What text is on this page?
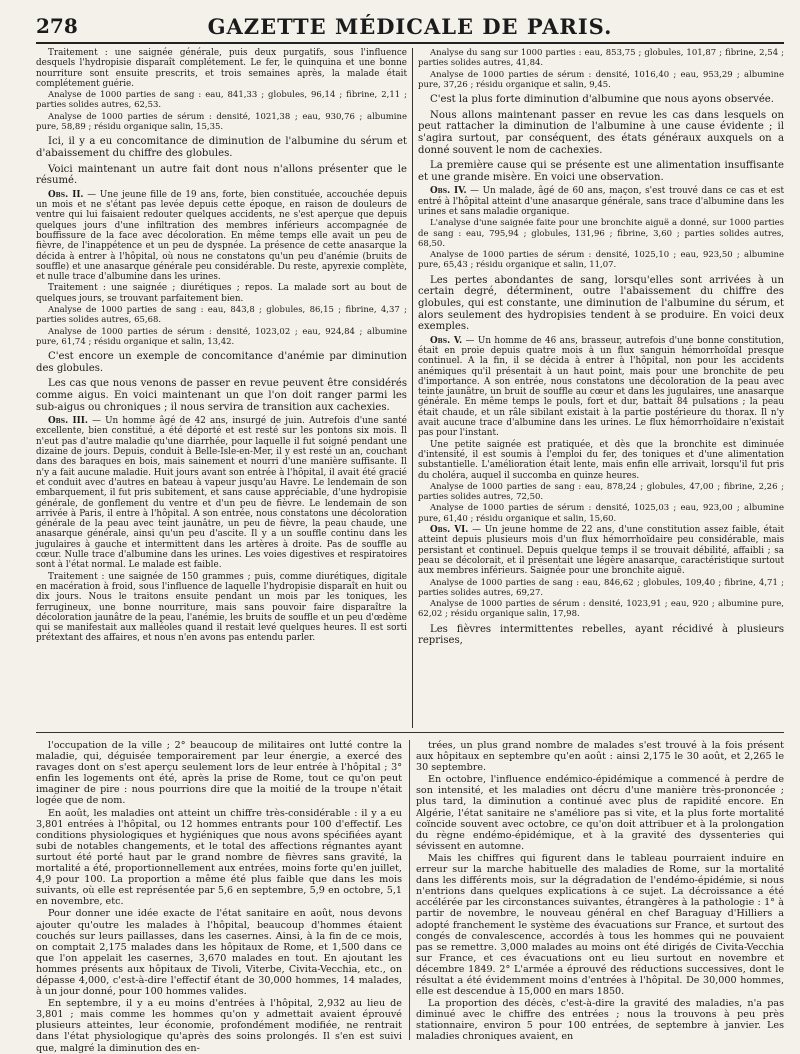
278	GAZETTE MÉDICALE DE PARIS.

Traitement : une saignée générale, puis deux purgatifs, sous l'influence desquels l'hydropisie disparaît complétement. Le fer, le quinquina et une bonne nourriture sont ensuite prescrits, et trois semaines après, la malade était complétement guérie.

Analyse de 1000 parties de sang : eau, 841,33 ; globules, 96,14 ; fibrine, 2,11 ; parties solides autres, 62,53.

Analyse de 1000 parties de sérum : densité, 1021,38 ; eau, 930,76 ; albumine pure, 58,89 ; résidu organique salin, 15,35.

Ici, il y a eu concomitance de diminution de l'albumine du sérum et d'abaissement du chiffre des globules.

Voici maintenant un autre fait dont nous n'allons présenter que le résumé.

Obs. II. — Une jeune fille de 19 ans, forte, bien constituée, accouchée depuis un mois et ne s'étant pas levée depuis cette époque, en raison de douleurs de ventre qui lui faisaient redouter quelques accidents, ne s'est aperçue que depuis quelques jours d'une infiltration des membres inférieurs accompagnée de bouffissure de la face avec décoloration. En même temps elle avait un peu de fièvre, de l'inappétence et un peu de dyspnée. La présence de cette anasarque la décida à entrer à l'hôpital, où nous ne constatons qu'un peu d'anémie (bruits de souffle) et une anasarque générale peu considérable. Du reste, apyrexie complète, et nulle trace d'albumine dans les urines.

Traitement : une saignée ; diurétiques ; repos. La malade sort au bout de quelques jours, se trouvant parfaitement bien.

Analyse de 1000 parties de sang : eau, 843,8 ; globules, 86,15 ; fibrine, 4,37 ; parties solides autres, 65,68.

Analyse de 1000 parties de sérum : densité, 1023,02 ; eau, 924,84 ; albumine pure, 61,74 ; résidu organique et salin, 13,42.

C'est encore un exemple de concomitance d'anémie par diminution des globules.

Les cas que nous venons de passer en revue peuvent être considérés comme aigus. En voici maintenant un que l'on doit ranger parmi les sub-aigus ou chroniques ; il nous servira de transition aux cachexies.

Obs. III. — Un homme âgé de 42 ans, insurgé de juin. Autrefois d'une santé excellente, bien constitué, a été déporté et est resté sur les pontons six mois. Il n'eut pas d'autre maladie qu'une diarrhée, pour laquelle il fut soigné pendant une dizaine de jours. Depuis, conduit à Belle-Isle-en-Mer, il y est resté un an, couchant dans des baraques en bois, mais sainement et nourri d'une manière suffisante. Il n'y a fait aucune maladie. Huit jours avant son entrée à l'hôpital, il avait été gracié et conduit avec d'autres en bateau à vapeur jusqu'au Havre. Le lendemain de son embarquement, il fut pris subitement, et sans cause appréciable, d'une hydropisie générale, de gonflement du ventre et d'un peu de fièvre. Le lendemain de son arrivée à Paris, il entre à l'hôpital. A son entrée, nous constatons une décoloration générale de la peau avec teint jaunâtre, un peu de fièvre, la peau chaude, une anasarque générale, ainsi qu'un peu d'ascite. Il y a un souffle continu dans les jugulaires à gauche et intermittent dans les artères à droite. Pas de souffle au cœur. Nulle trace d'albumine dans les urines. Les voies digestives et respiratoires sont à l'état normal. Le malade est faible.

Traitement : une saignée de 150 grammes ; puis, comme diurétiques, digitale en macération à froid, sous l'influence de laquelle l'hydropisie disparaît en huit ou dix jours. Nous le traitons ensuite pendant un mois par les toniques, les ferrugineux, une bonne nourriture, mais sans pouvoir faire disparaître la décoloration jaunâtre de la peau, l'anémie, les bruits de souffle et un peu d'œdème qui se manifestait aux malléoles quand il restait levé quelques heures. Il est sorti prétextant des affaires, et nous n'en avons pas entendu parler.

Analyse du sang sur 1000 parties : eau, 853,75 ; globules, 101,87 ; fibrine, 2,54 ; parties solides autres, 41,84.

Analyse de 1000 parties de sérum : densité, 1016,40 ; eau, 953,29 ; albumine pure, 37,26 ; résidu organique et salin, 9,45.

C'est la plus forte diminution d'albumine que nous ayons observée.

Nous allons maintenant passer en revue les cas dans lesquels on peut rattacher la diminution de l'albumine à une cause évidente ; il s'agira surtout, par conséquent, des états généraux auxquels on a donné souvent le nom de cachexies.

La première cause qui se présente est une alimentation insuffisante et une grande misère. En voici une observation.

Obs. IV. — Un malade, âgé de 60 ans, maçon, s'est trouvé dans ce cas et est entré à l'hôpital atteint d'une anasarque générale, sans trace d'albumine dans les urines et sans maladie organique.

L'analyse d'une saignée faite pour une bronchite aiguë a donné, sur 1000 parties de sang : eau, 795,94 ; globules, 131,96 ; fibrine, 3,60 ; parties solides autres, 68,50.

Analyse de 1000 parties de sérum : densité, 1025,10 ; eau, 923,50 ; albumine pure, 65,43 ; résidu organique et salin, 11,07.

Les pertes abondantes de sang, lorsqu'elles sont arrivées à un certain degré, déterminent, outre l'abaissement du chiffre des globules, qui est constante, une diminution de l'albumine du sérum, et alors seulement des hydropisies tendent à se produire. En voici deux exemples.

Obs. V. — Un homme de 46 ans, brasseur, autrefois d'une bonne constitution, était en proie depuis quatre mois à un flux sanguin hémorrhoïdal presque continuel. A la fin, il se décida à entrer à l'hôpital, non pour les accidents anémiques qu'il présentait à un haut point, mais pour une bronchite de peu d'importance. A son entrée, nous constatons une décoloration de la peau avec teinte jaunâtre, un bruit de souffle au cœur et dans les jugulaires, une anasarque générale. En même temps le pouls, fort et dur, battait 84 pulsations ; la peau était chaude, et un râle sibilant existait à la partie postérieure du thorax. Il n'y avait aucune trace d'albumine dans les urines. Le flux hémorrhoïdaire n'existait pas pour l'instant.

Une petite saignée est pratiquée, et dès que la bronchite est diminuée d'intensité, il est soumis à l'emploi du fer, des toniques et d'une alimentation substantielle. L'amélioration était lente, mais enfin elle arrivait, lorsqu'il fut pris du choléra, auquel il succomba en quinze heures.

Analyse de 1000 parties de sang : eau, 878,24 ; globules, 47,00 ; fibrine, 2,26 ; parties solides autres, 72,50.

Analyse de 1000 parties de sérum : densité, 1025,03 ; eau, 923,00 ; albumine pure, 61,40 ; résidu organique et salin, 15,60.

Obs. VI. — Un jeune homme de 22 ans, d'une constitution assez faible, était atteint depuis plusieurs mois d'un flux hémorrhoïdaire peu considérable, mais persistant et continuel. Depuis quelque temps il se trouvait débilité, affaibli ; sa peau se décolorait, et il présentait une légère anasarque, caractéristique surtout aux membres inférieurs. Saignée pour une bronchite aiguë.

Analyse de 1000 parties de sang : eau, 846,62 ; globules, 109,40 ; fibrine, 4,71 ; parties solides autres, 69,27.

Analyse de 1000 parties de sérum : densité, 1023,91 ; eau, 920 ; albumine pure, 62,02 ; résidu organique salin, 17,98.

Les fièvres intermittentes rebelles, ayant récidivé à plusieurs reprises,

l'occupation de la ville ; 2° beaucoup de militaires ont lutté contre la maladie, qui, déguisée temporairement par leur énergie, a exercé des ravages dont on s'est aperçu seulement lors de leur entrée à l'hôpital ; 3° enfin les logements ont été, après la prise de Rome, tout ce qu'on peut imaginer de pire : nous pourrions dire que la moitié de la troupe n'était logée que de nom.

En août, les maladies ont atteint un chiffre très-considérable : il y a eu 3,801 entrées à l'hôpital, ou 12 hommes entrants pour 100 d'effectif. Les conditions physiologiques et hygiéniques que nous avons spécifiées ayant subi de notables changements, et le total des affections régnantes ayant surtout été porté haut par le grand nombre de fièvres sans gravité, la mortalité a été, proportionnellement aux entrées, moins forte qu'en juillet, 4,9 pour 100. La proportion a même été plus faible que dans les mois suivants, où elle est représentée par 5,6 en septembre, 5,9 en octobre, 5,1 en novembre, etc.

Pour donner une idée exacte de l'état sanitaire en août, nous devons ajouter qu'outre les malades à l'hôpital, beaucoup d'hommes étaient couchés sur leurs paillasses, dans les casernes. Ainsi, à la fin de ce mois, on comptait 2,175 malades dans les hôpitaux de Rome, et 1,500 dans ce que l'on appelait les casernes, 3,670 malades en tout. En ajoutant les hommes présents aux hôpitaux de Tivoli, Viterbe, Civita-Vecchia, etc., on dépasse 4,000, c'est-à-dire l'effectif étant de 30,000 hommes, 14 malades, à un jour donné, pour 100 hommes valides.

En septembre, il y a eu moins d'entrées à l'hôpital, 2,932 au lieu de 3,801 ; mais comme les hommes qu'on y admettait avaient éprouvé plusieurs atteintes, leur économie, profondément modifiée, ne rentrait dans l'état physiologique qu'après des soins prolongés. Il s'en est suivi que, malgré la diminution des en-

trées, un plus grand nombre de malades s'est trouvé à la fois présent aux hôpitaux en septembre qu'en août : ainsi 2,175 le 30 août, et 2,265 le 30 septembre.

En octobre, l'influence endémico-épidémique a commencé à perdre de son intensité, et les maladies ont décru d'une manière très-prononcée ; plus tard, la diminution a continué avec plus de rapidité encore. En Algérie, l'état sanitaire ne s'améliore pas si vite, et la plus forte mortalité coïncide souvent avec octobre, ce qu'on doit attribuer et à la prolongation du règne endémo-épidémique, et à la gravité des dyssenteries qui sévissent en automne.

Mais les chiffres qui figurent dans le tableau pourraient induire en erreur sur la marche habituelle des maladies de Rome, sur la mortalité dans les différents mois, sur la dégradation de l'endémo-épidémie, si nous n'entrions dans quelques explications à ce sujet. La décroissance a été accélérée par les circonstances suivantes, étrangères à la pathologie : 1° à partir de novembre, le nouveau général en chef Baraguay d'Hilliers a adopté franchement le système des évacuations sur France, et surtout des congés de convalescence, accordés à tous les hommes qui ne pouvaient pas se remettre. 3,000 malades au moins ont été dirigés de Civita-Vecchia sur France, et ces évacuations ont eu lieu surtout en novembre et décembre 1849. 2° L'armée a éprouvé des réductions successives, dont le résultat a été évidemment moins d'entrées à l'hôpital. De 30,000 hommes, elle est descendue à 15,000 en mars 1850.

La proportion des décès, c'est-à-dire la gravité des maladies, n'a pas diminué avec le chiffre des entrées ; nous la trouvons à peu près stationnaire, environ 5 pour 100 entrées, de septembre à janvier. Les maladies chroniques avaient, en
